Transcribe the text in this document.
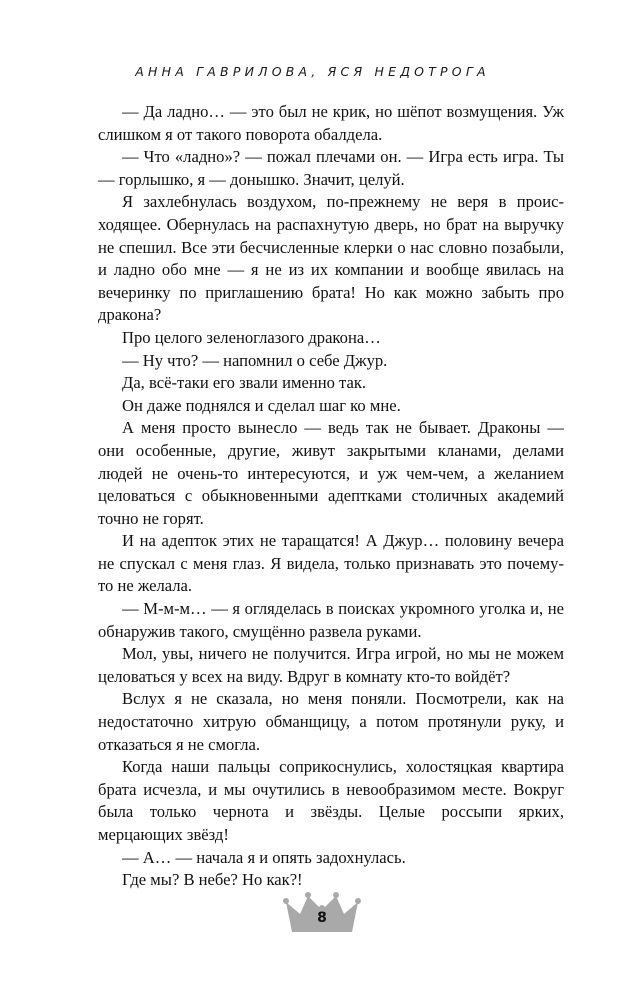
АННА ГАВРИЛОВА, ЯСЯ НЕДОТРОГА

— Да ладно… — это был не крик, но шёпот возмущения. Уж слишком я от такого поворота обалдела.

— Что «ладно»? — пожал плечами он. — Игра есть игра. Ты — горлышко, я — донышко. Значит, целуй.

Я захлебнулась воздухом, по-прежнему не веря в происходящее. Обернулась на распахнутую дверь, но брат на выручку не спешил. Все эти бесчисленные клерки о нас словно позабыли, и ладно обо мне — я не из их компании и вообще явилась на вечеринку по приглашению брата! Но как можно забыть про дракона?

Про целого зеленоглазого дракона…

— Ну что? — напомнил о себе Джур.

Да, всё-таки его звали именно так.

Он даже поднялся и сделал шаг ко мне.

А меня просто вынесло — ведь так не бывает. Драконы — они особенные, другие, живут закрытыми кланами, делами людей не очень-то интересуются, и уж чем-чем, а желанием целоваться с обыкновенными адептками столичных академий точно не горят.

И на адепток этих не таращатся! А Джур… половину вечера не спускал с меня глаз. Я видела, только признавать это почему-то не желала.

— М-м-м… — я огляделась в поисках укромного уголка и, не обнаружив такого, смущённо развела руками.

Мол, увы, ничего не получится. Игра игрой, но мы не можем целоваться у всех на виду. Вдруг в комнату кто-то войдёт?

Вслух я не сказала, но меня поняли. Посмотрели, как на недостаточно хитрую обманщицу, а потом протянули руку, и отказаться я не смогла.

Когда наши пальцы соприкоснулись, холостяцкая квартира брата исчезла, и мы очутились в невообразимом месте. Вокруг была только чернота и звёзды. Целые россыпи ярких, мерцающих звёзд!

— А… — начала я и опять задохнулась.

Где мы? В небе? Но как?!

8
